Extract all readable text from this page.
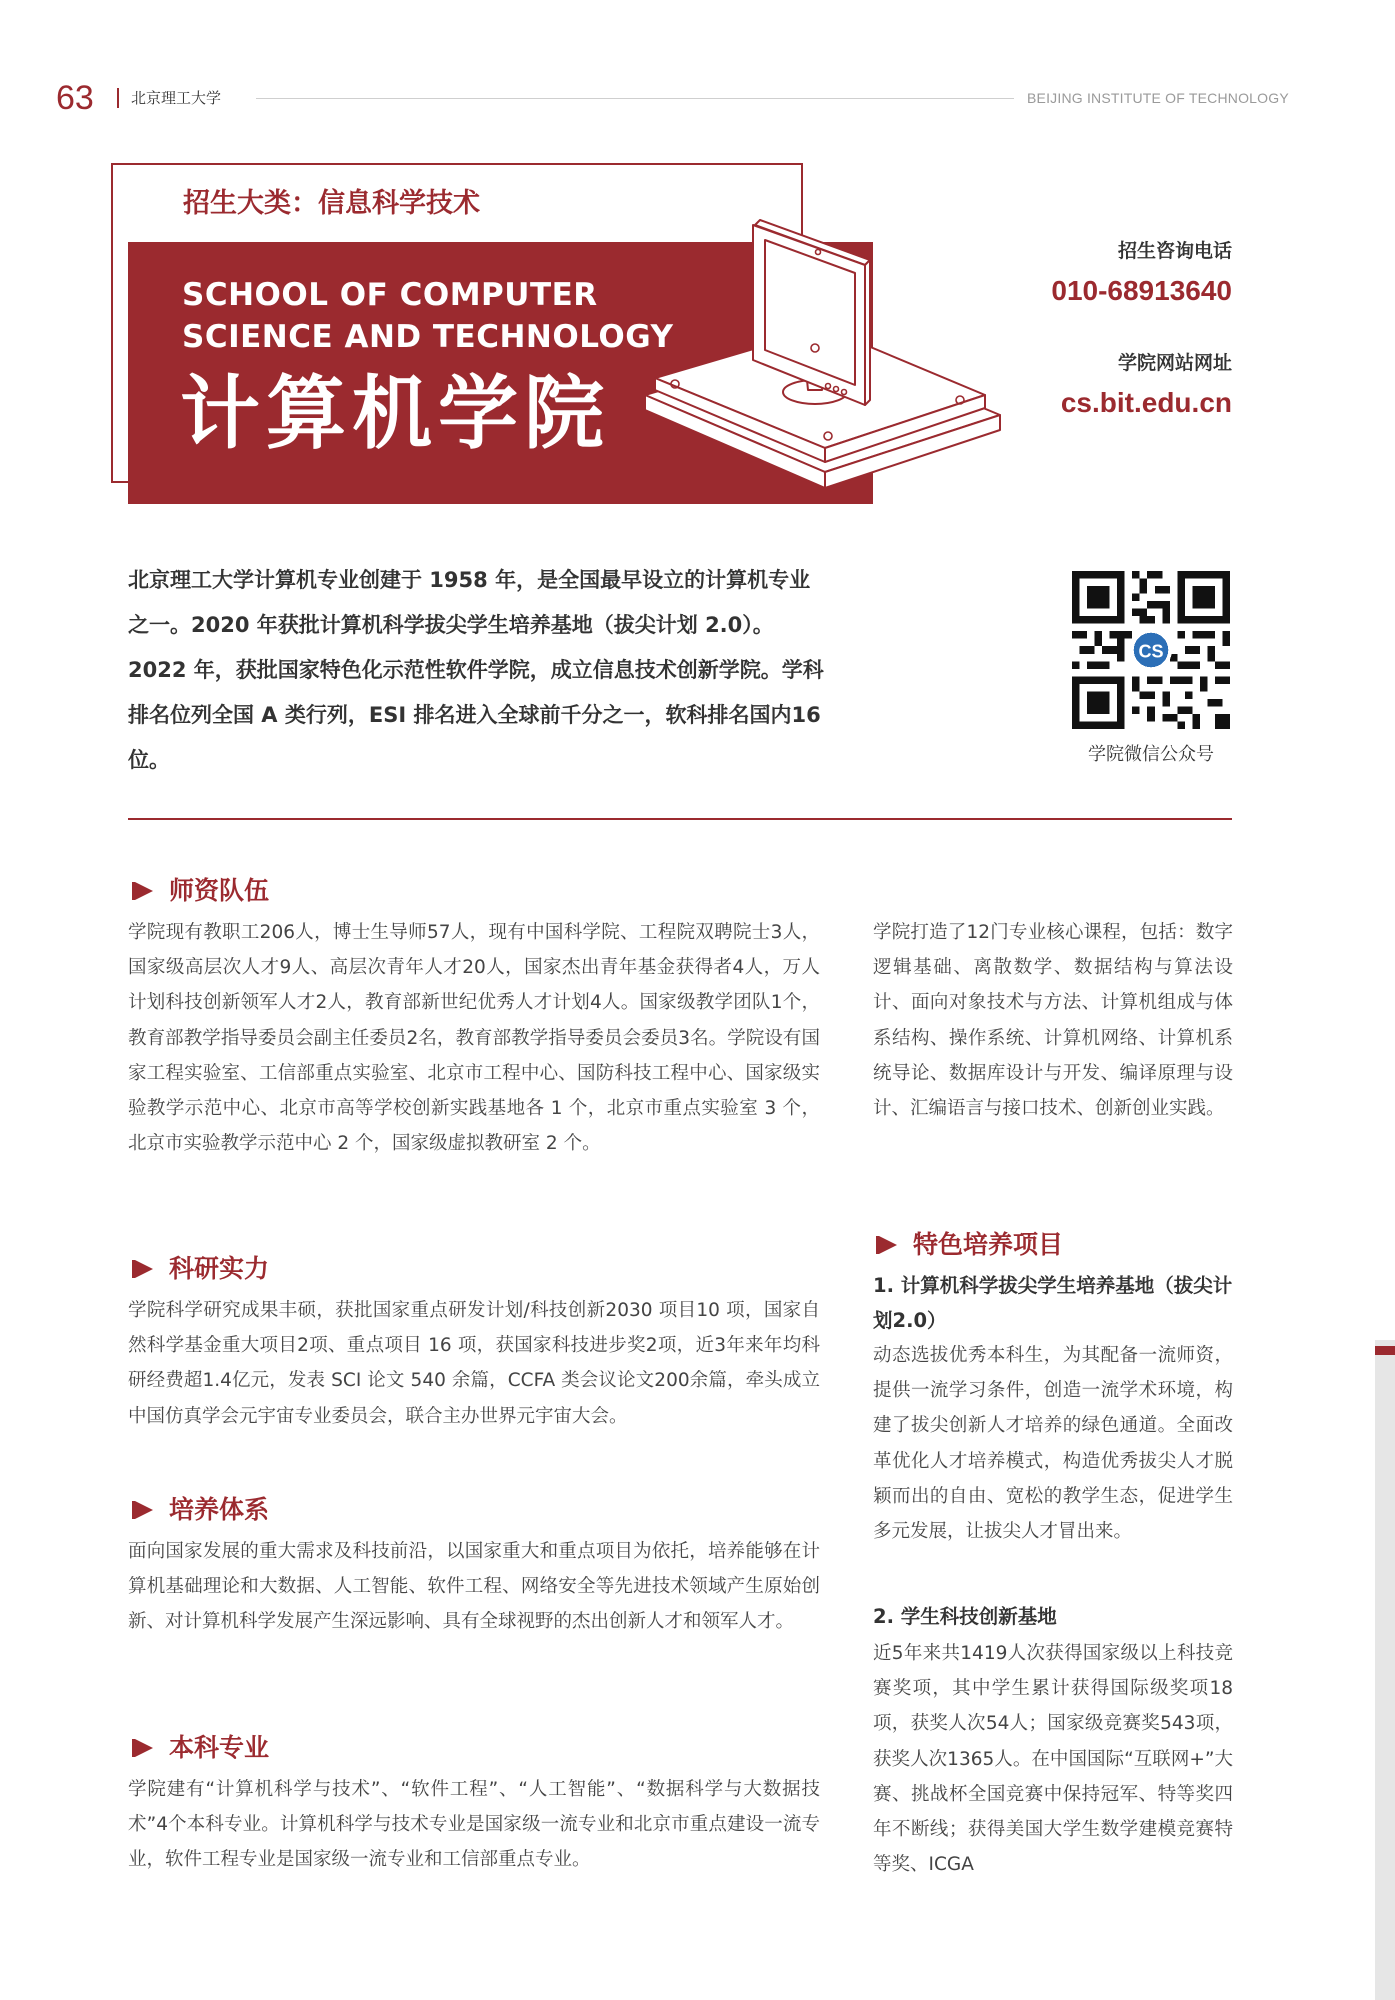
63 北京理工大学	BEIJING INSTITUTE OF TECHNOLOGY
招生大类：信息科学技术
SCHOOL OF COMPUTER
SCIENCE AND TECHNOLOGY
计算机学院
招生咨询电话
010-68913640
学院网站网址
cs.bit.edu.cn
北京理工大学计算机专业创建于 1958 年，是全国最早设立的计算机专业之一。2020 年获批计算机科学拔尖学生培养基地（拔尖计划 2.0）。2022 年，获批国家特色化示范性软件学院，成立信息技术创新学院。学科排名位列全国 A 类行列，ESI 排名进入全球前千分之一，软科排名国内16 位。
CS
学院微信公众号
师资队伍
学院现有教职工206人，博士生导师57人，现有中国科学院、工程院双聘院士3人，国家级高层次人才9人、高层次青年人才20人，国家杰出青年基金获得者4人，万人计划科技创新领军人才2人，教育部新世纪优秀人才计划4人。国家级教学团队1个，教育部教学指导委员会副主任委员2名，教育部教学指导委员会委员3名。学院设有国家工程实验室、工信部重点实验室、北京市工程中心、国防科技工程中心、国家级实验教学示范中心、北京市高等学校创新实践基地各 1 个，北京市重点实验室 3 个，北京市实验教学示范中心 2 个，国家级虚拟教研室 2 个。
科研实力
学院科学研究成果丰硕，获批国家重点研发计划/科技创新2030 项目10 项，国家自然科学基金重大项目2项、重点项目 16 项，获国家科技进步奖2项，近3年来年均科研经费超1.4亿元，发表 SCI 论文 540 余篇，CCFA 类会议论文200余篇，牵头成立中国仿真学会元宇宙专业委员会，联合主办世界元宇宙大会。
培养体系
面向国家发展的重大需求及科技前沿，以国家重大和重点项目为依托，培养能够在计算机基础理论和大数据、人工智能、软件工程、网络安全等先进技术领域产生原始创新、对计算机科学发展产生深远影响、具有全球视野的杰出创新人才和领军人才。
本科专业
学院建有“计算机科学与技术”、“软件工程”、“人工智能”、“数据科学与大数据技术”4个本科专业。计算机科学与技术专业是国家级一流专业和北京市重点建设一流专业，软件工程专业是国家级一流专业和工信部重点专业。
学院打造了12门专业核心课程，包括：数字逻辑基础、离散数学、数据结构与算法设计、面向对象技术与方法、计算机组成与体系结构、操作系统、计算机网络、计算机系统导论、数据库设计与开发、编译原理与设计、汇编语言与接口技术、创新创业实践。
特色培养项目
1. 计算机科学拔尖学生培养基地（拔尖计划2.0）
动态选拔优秀本科生，为其配备一流师资，提供一流学习条件，创造一流学术环境，构建了拔尖创新人才培养的绿色通道。全面改革优化人才培养模式，构造优秀拔尖人才脱颖而出的自由、宽松的教学生态，促进学生多元发展，让拔尖人才冒出来。
2. 学生科技创新基地
近5年来共1419人次获得国家级以上科技竞赛奖项，其中学生累计获得国际级奖项18项，获奖人次54人；国家级竞赛奖543项，获奖人次1365人。在中国国际“互联网+”大赛、挑战杯全国竞赛中保持冠军、特等奖四年不断线；获得美国大学生数学建模竞赛特等奖、ICGA
